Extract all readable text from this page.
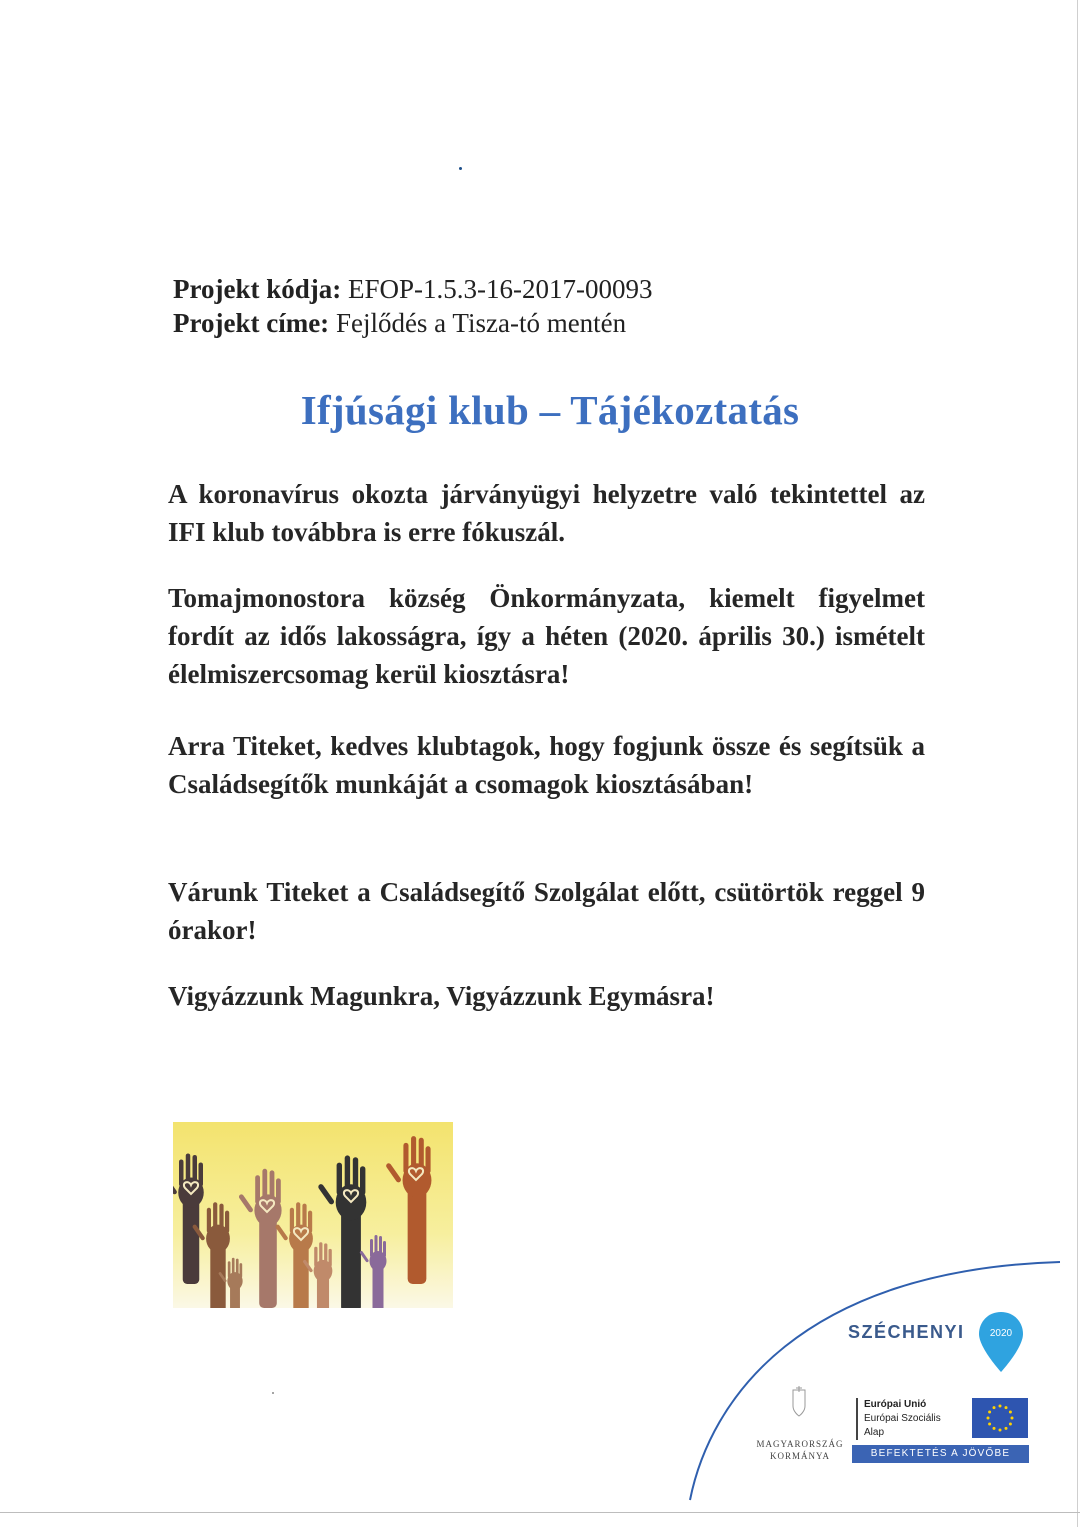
Projekt kódja: EFOP-1.5.3-16-2017-00093
Projekt címe: Fejlődés a Tisza-tó mentén
Ifjúsági klub – Tájékoztatás
A koronavírus okozta járványügyi helyzetre való tekintettel az IFI klub továbbra is erre fókuszál.
Tomajmonostora község Önkormányzata, kiemelt figyelmet fordít az idős lakosságra, így a héten (2020. április 30.) ismételt élelmiszercsomag kerül kiosztásra!
Arra Titeket, kedves klubtagok, hogy fogjunk össze és segítsük a Családsegítők munkáját a csomagok kiosztásában!
Várunk Titeket a Családsegítő Szolgálat előtt, csütörtök reggel 9 órakor!
Vigyázzunk Magunkra, Vigyázzunk Egymásra!
SZÉCHENYI	2020
MAGYARORSZÁG
KORMÁNYA
Európai Unió
Európai Szociális
Alap
BEFEKTETÉS A JÖVŐBE
